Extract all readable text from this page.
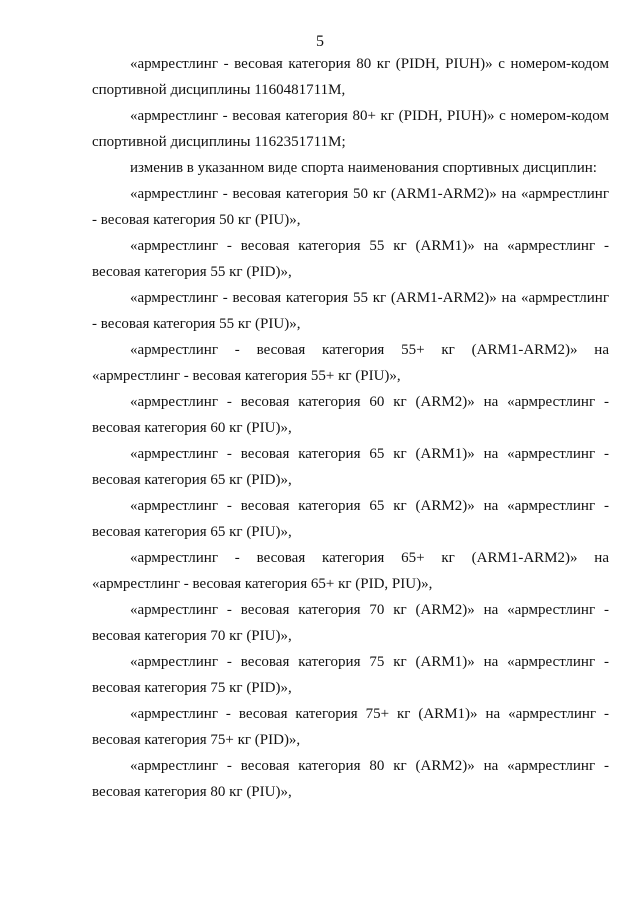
5

«армрестлинг - весовая категория 80 кг (PIDH, PIUH)» с номером-кодом спортивной дисциплины 1160481711М,

«армрестлинг - весовая категория 80+ кг (PIDH, PIUH)» с номером-кодом спортивной дисциплины 1162351711М;

изменив в указанном виде спорта наименования спортивных дисциплин:

«армрестлинг - весовая категория 50 кг (ARM1-ARM2)» на «армрестлинг - весовая категория 50 кг (PIU)»,

«армрестлинг - весовая категория 55 кг (ARM1)» на «армрестлинг - весовая категория 55 кг (PID)»,

«армрестлинг - весовая категория 55 кг (ARM1-ARM2)» на «армрестлинг - весовая категория 55 кг (PIU)»,

«армрестлинг - весовая категория 55+ кг (ARM1-ARM2)» на «армрестлинг - весовая категория 55+ кг (PIU)»,

«армрестлинг - весовая категория 60 кг (ARM2)» на «армрестлинг - весовая категория 60 кг (PIU)»,

«армрестлинг - весовая категория 65 кг (ARM1)» на «армрестлинг - весовая категория 65 кг (PID)»,

«армрестлинг - весовая категория 65 кг (ARM2)» на «армрестлинг - весовая категория 65 кг (PIU)»,

«армрестлинг - весовая категория 65+ кг (ARM1-ARM2)» на «армрестлинг - весовая категория 65+ кг (PID, PIU)»,

«армрестлинг - весовая категория 70 кг (ARM2)» на «армрестлинг - весовая категория 70 кг (PIU)»,

«армрестлинг - весовая категория 75 кг (ARM1)» на «армрестлинг - весовая категория 75 кг (PID)»,

«армрестлинг - весовая категория 75+ кг (ARM1)» на «армрестлинг - весовая категория 75+ кг (PID)»,

«армрестлинг - весовая категория 80 кг (ARM2)» на «армрестлинг - весовая категория 80 кг (PIU)»,
